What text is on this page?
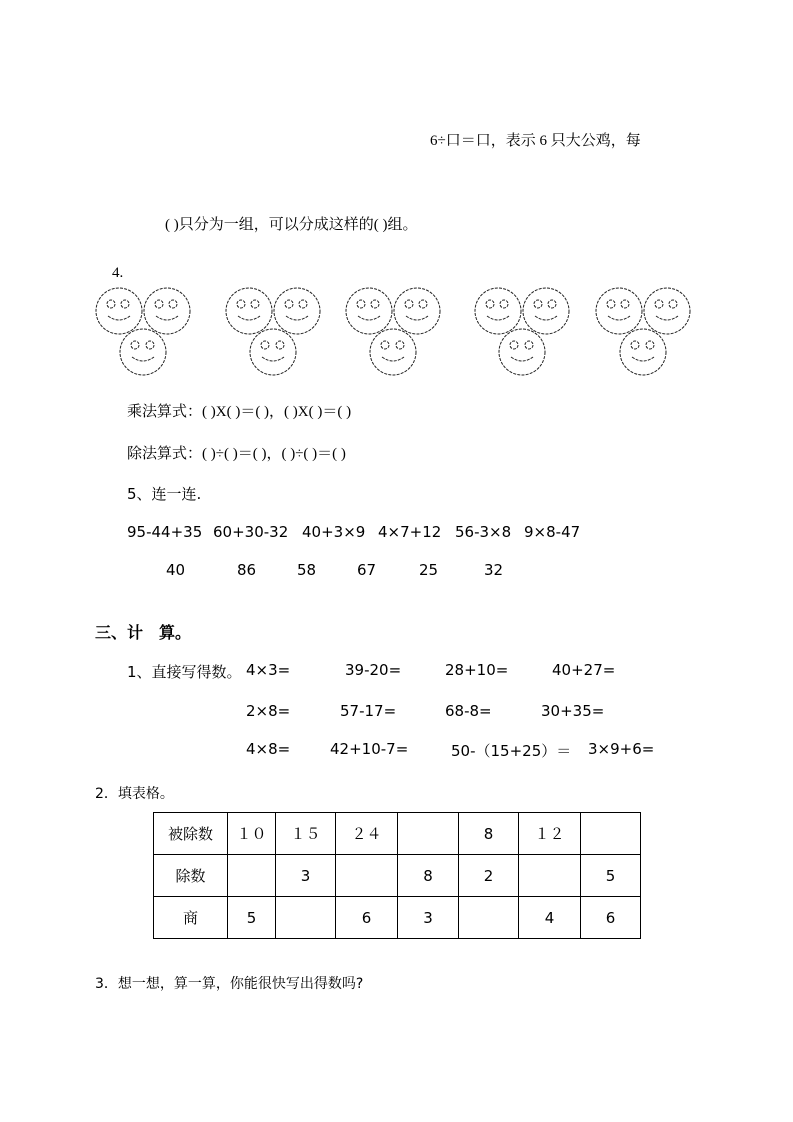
6÷口＝口，表示 6 只大公鸡，每
( )只分为一组，可以分成这样的( )组。
4.
乘法算式：( )X( )＝( )，( )X( )＝( )
除法算式：( )÷( )＝( )，( )÷( )＝( )
5、连一连.
95-44+35 60+30-32 40+3×9 4×7+12 56-3×8 9×8-47
40	86	58	67	25	32
三、计　算。
1、直接写得数。 4×3=	39-20=	28+10=	40+27=
2×8=	57-17=	68-8=	30+35=
4×8=	42+10-7=	50-（15+25）＝ 3×9+6=
2．填表格。
被除数	１０	１５	２４		8	１２	
除数		3		8	2		5
商	5		6	3		4	6
3．想一想，算一算，你能很快写出得数吗?
